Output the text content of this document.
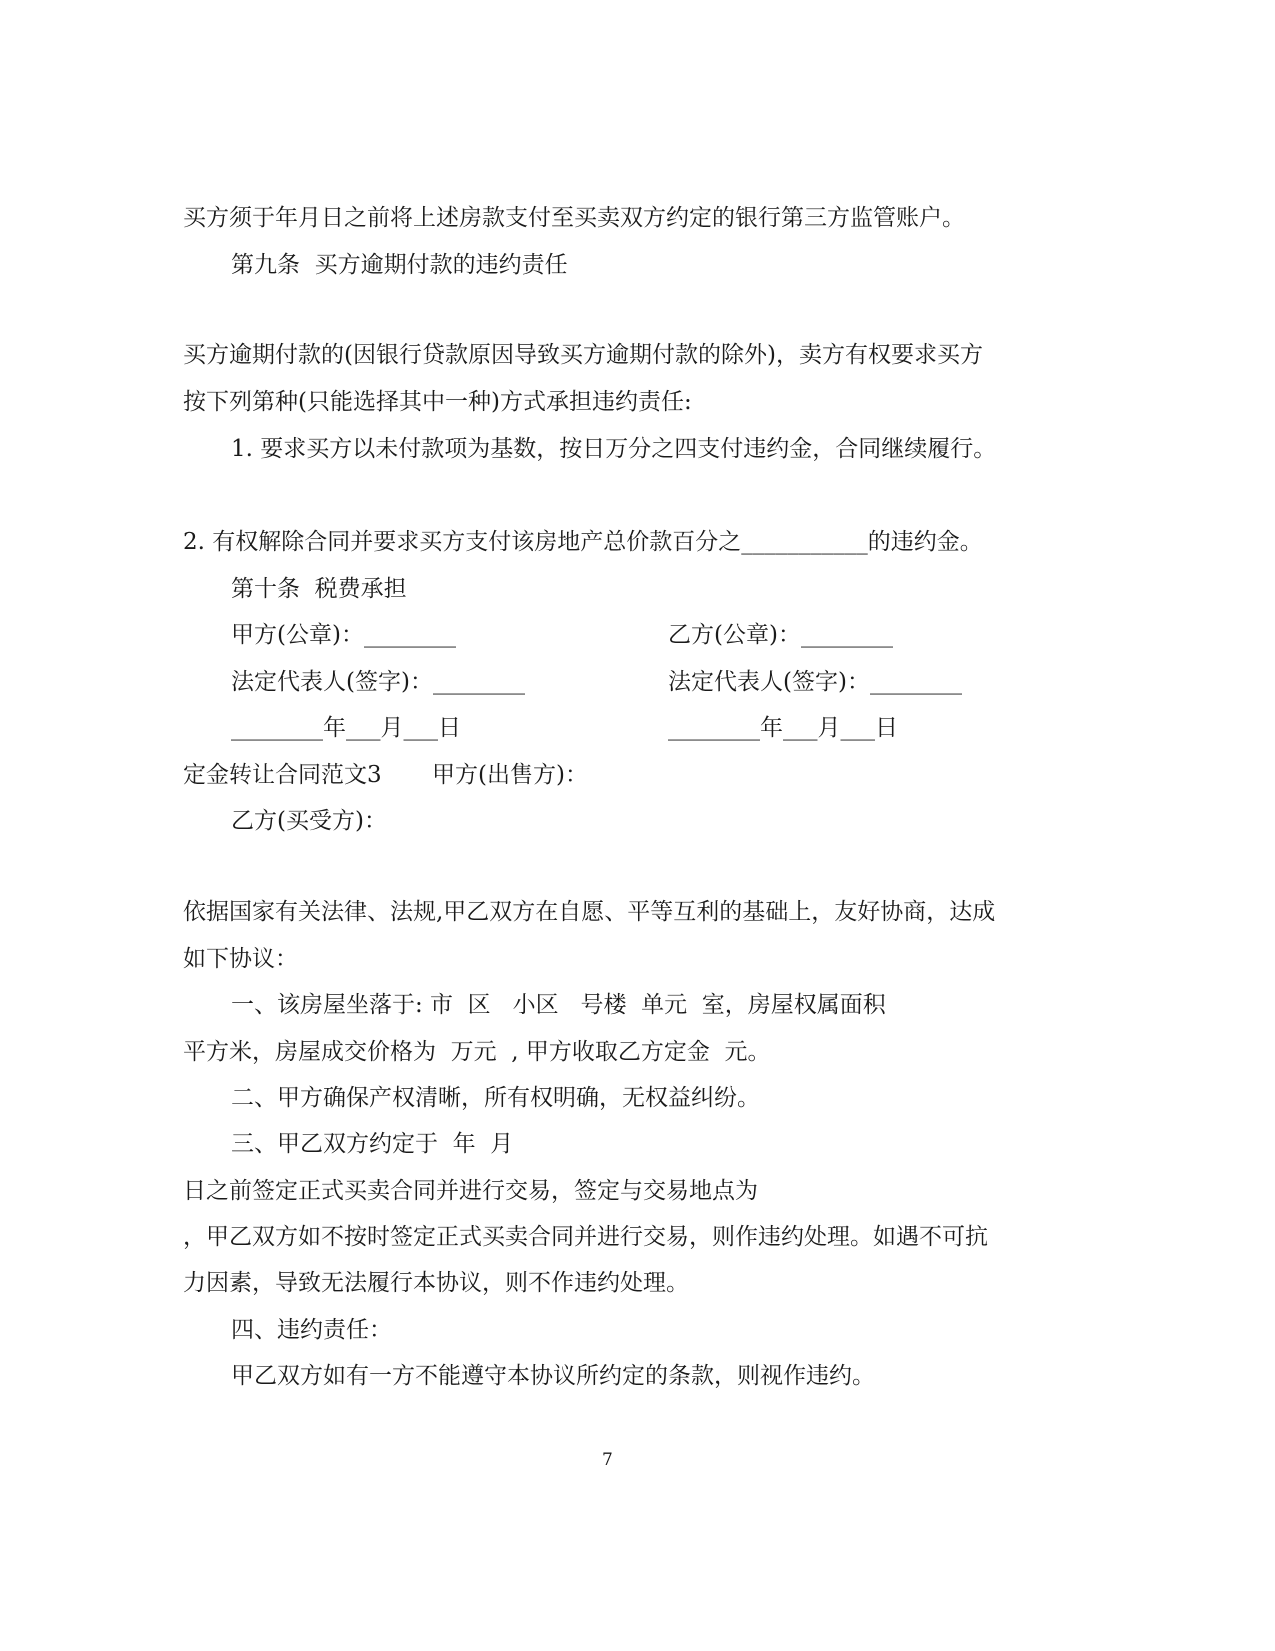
买方须于年月日之前将上述房款支付至买卖双方约定的银行第三方监管账户。

第九条  买方逾期付款的违约责任

买方逾期付款的(因银行贷款原因导致买方逾期付款的除外)，卖方有权要求买方

按下列第种(只能选择其中一种)方式承担违约责任:

1. 要求买方以未付款项为基数，按日万分之四支付违约金，合同继续履行。

2. 有权解除合同并要求买方支付该房地产总价款百分之___________的违约金。

第十条  税费承担

甲方(公章)：________	乙方(公章)：________

法定代表人(签字)：________	法定代表人(签字)：________

________年___月___日	________年___月___日

定金转让合同范文3 甲方(出售方)：

乙方(买受方)：

依据国家有关法律、法规,甲乙双方在自愿、平等互利的基础上，友好协商，达成

如下协议：

一、该房屋坐落于: 市  区   小区   号楼  单元  室，房屋权属面积

平方米，房屋成交价格为  万元  , 甲方收取乙方定金  元。

二、甲方确保产权清晰，所有权明确，无权益纠纷。

三、甲乙双方约定于  年  月

日之前签定正式买卖合同并进行交易，签定与交易地点为

，甲乙双方如不按时签定正式买卖合同并进行交易，则作违约处理。如遇不可抗

力因素，导致无法履行本协议，则不作违约处理。

四、违约责任：

甲乙双方如有一方不能遵守本协议所约定的条款，则视作违约。

7
